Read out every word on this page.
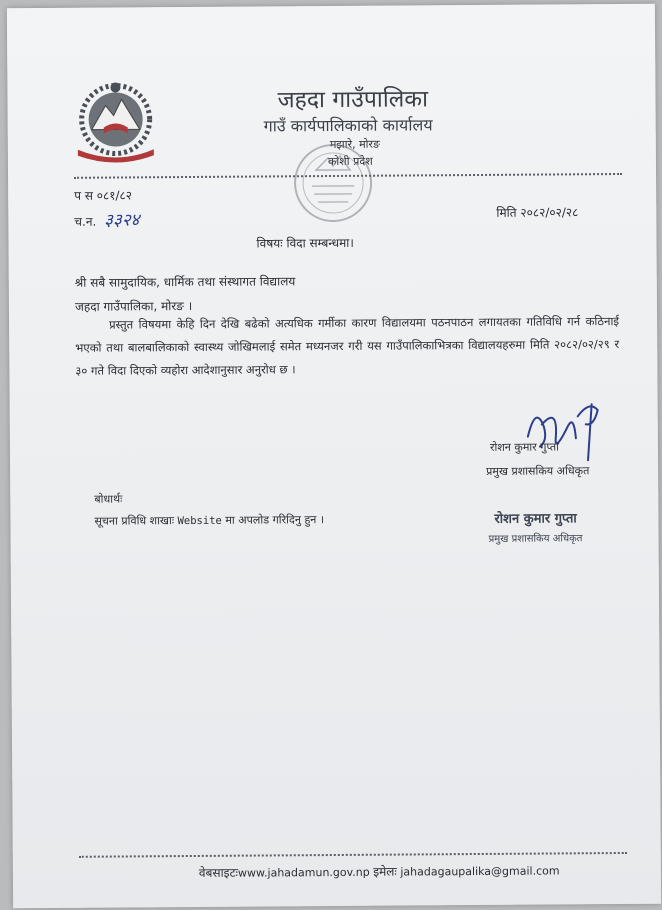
जहदा गाउँपालिका
गाउँ कार्यपालिकाको कार्यालय
मझारे, मोरङ
कोशी प्रदेश
प स ०८१/८२
च.न. ३३२४	मिति २०८२/०२/२८
विषयः विदा सम्बन्धमा।
श्री सबै सामुदायिक, धार्मिक तथा संस्थागत विद्यालय
जहदा गाउँपालिका, मोरङ ।
प्रस्तुत विषयमा केहि दिन देखि बढेको अत्यधिक गर्मीका कारण विद्यालयमा पठनपाठन लगायतका गतिविधि गर्न कठिनाई भएको तथा बालबालिकाको स्वास्थ्य जोखिमलाई समेत मध्यनजर गरी यस गाउँपालिकाभित्रका विद्यालयहरुमा मिति २०८२/०२/२९ र ३० गते विदा दिएको व्यहोरा आदेशानुसार अनुरोध छ ।
रोशन कुमार गुप्ता
प्रमुख प्रशासकिय अधिकृत
बोधार्थः
सूचना प्रविधि शाखाः Website मा अपलोड गरिदिनु हुन ।	रोशन कुमार गुप्ता
प्रमुख प्रशासकिय अधिकृत
वेबसाइटःwww.jahadamun.gov.np इमेलः jahadagaupalika@gmail.com
